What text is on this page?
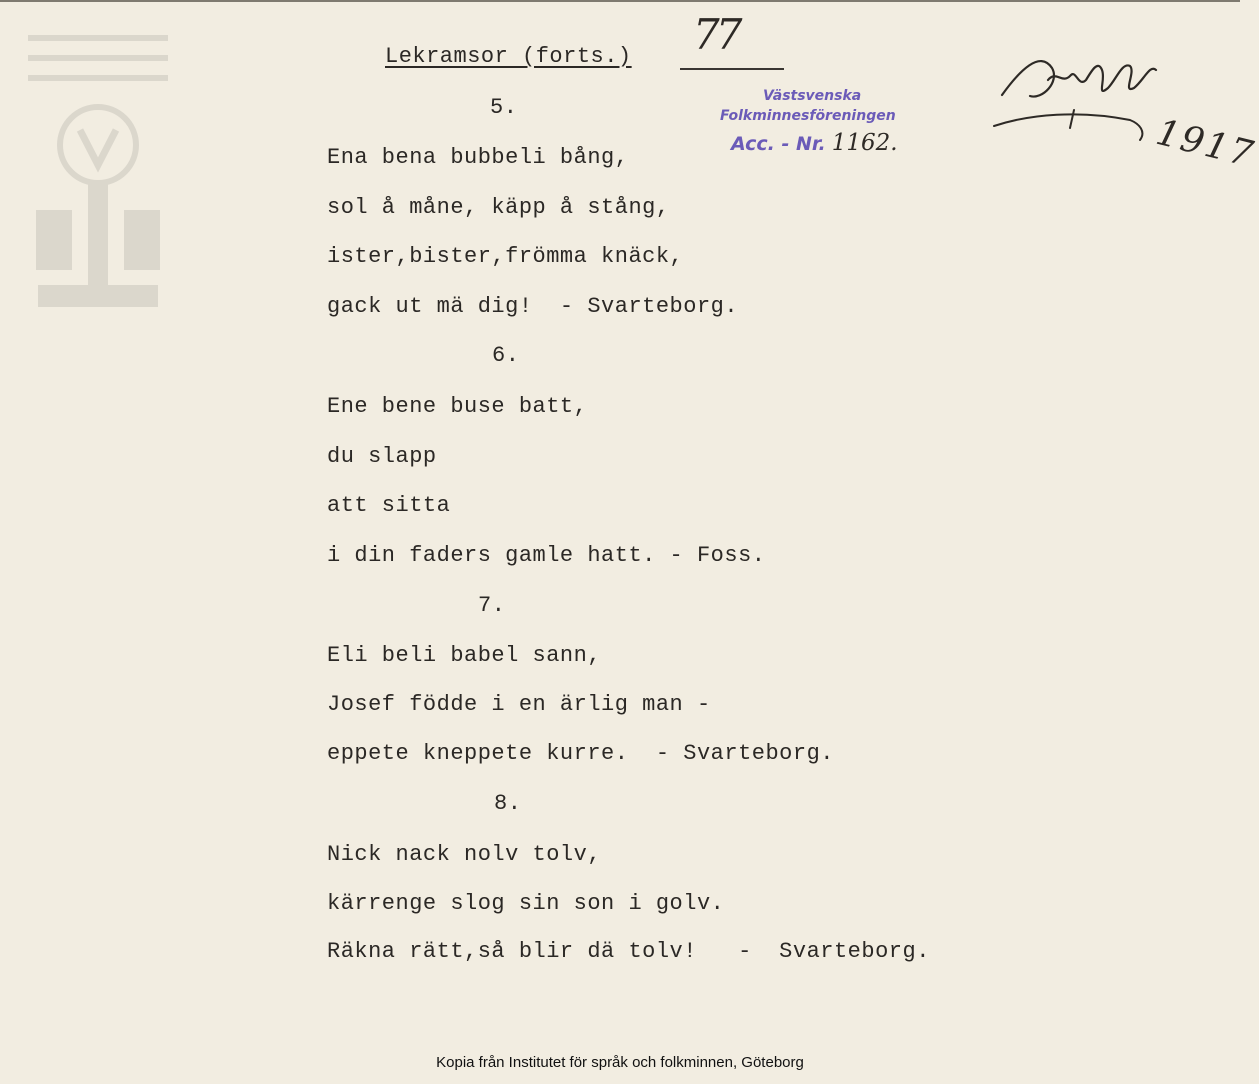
Lekramsor (forts.) 77
Västsvenska
Folkminnesföreningen
Acc. - Nr. 1162.	1917
5.
Ena bena bubbeli bång,
sol å måne, käpp å stång,
ister,bister,frömma knäck,
gack ut mä dig!  - Svarteborg.
6.
Ene bene buse batt,
du slapp
att sitta
i din faders gamle hatt. - Foss.
7.
Eli beli babel sann,
Josef födde i en ärlig man -
eppete kneppete kurre.  - Svarteborg.
8.
Nick nack nolv tolv,
kärrenge slog sin son i golv.
Räkna rätt,så blir dä tolv!   -  Svarteborg.
Kopia från Institutet för språk och folkminnen, Göteborg
